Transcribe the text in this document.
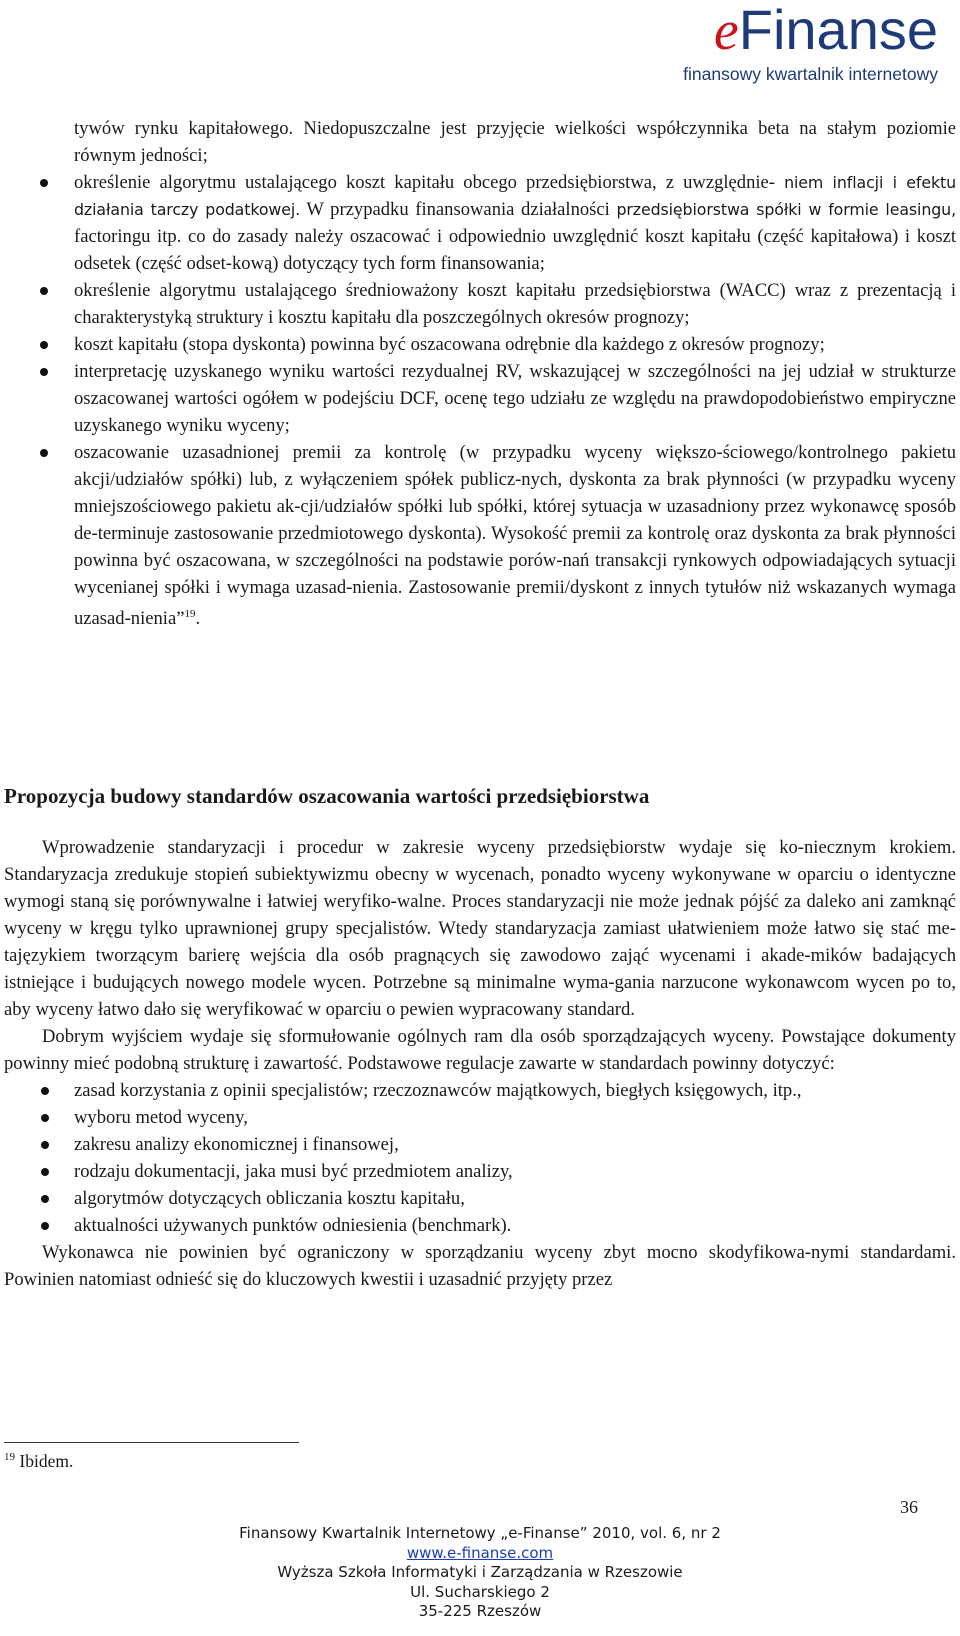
eFinanse
finansowy kwartalnik internetowy

tywów rynku kapitałowego. Niedopuszczalne jest przyjęcie wielkości współczynnika beta na stałym poziomie równym jedności;

określenie algorytmu ustalającego koszt kapitału obcego przedsiębiorstwa, z uwzględnie- niem inflacji i efektu działania tarczy podatkowej. W przypadku finansowania działalności przedsiębiorstwa spółki w formie leasingu, factoringu itp. co do zasady należy oszacować i odpowiednio uwzględnić koszt kapitału (część kapitałowa) i koszt odsetek (część odset-kową) dotyczący tych form finansowania;
określenie algorytmu ustalającego średnioważony koszt kapitału przedsiębiorstwa (WACC) wraz z prezentacją i charakterystyką struktury i kosztu kapitału dla poszczególnych okresów prognozy;
koszt kapitału (stopa dyskonta) powinna być oszacowana odrębnie dla każdego z okresów prognozy;
interpretację uzyskanego wyniku wartości rezydualnej RV, wskazującej w szczególności na jej udział w strukturze oszacowanej wartości ogółem w podejściu DCF, ocenę tego udziału ze względu na prawdopodobieństwo empiryczne uzyskanego wyniku wyceny;
oszacowanie uzasadnionej premii za kontrolę (w przypadku wyceny większo-ściowego/kontrolnego pakietu akcji/udziałów spółki) lub, z wyłączeniem spółek publicz-nych, dyskonta za brak płynności (w przypadku wyceny mniejszościowego pakietu ak-cji/udziałów spółki lub spółki, której sytuacja w uzasadniony przez wykonawcę sposób de-terminuje zastosowanie przedmiotowego dyskonta). Wysokość premii za kontrolę oraz dyskonta za brak płynności powinna być oszacowana, w szczególności na podstawie porów-nań transakcji rynkowych odpowiadających sytuacji wycenianej spółki i wymaga uzasad-nienia. Zastosowanie premii/dyskont z innych tytułów niż wskazanych wymaga uzasad-nienia”$^{19}$.
Propozycja budowy standardów oszacowania wartości przedsiębiorstwa

Wprowadzenie standaryzacji i procedur w zakresie wyceny przedsiębiorstw wydaje się ko-niecznym krokiem. Standaryzacja zredukuje stopień subiektywizmu obecny w wycenach, ponadto wyceny wykonywane w oparciu o identyczne wymogi staną się porównywalne i łatwiej weryfiko-walne. Proces standaryzacji nie może jednak pójść za daleko ani zamknąć wyceny w kręgu tylko uprawnionej grupy specjalistów. Wtedy standaryzacja zamiast ułatwieniem może łatwo się stać me-tajęzykiem tworzącym barierę wejścia dla osób pragnących się zawodowo zająć wycenami i akade-mików badających istniejące i budujących nowego modele wycen. Potrzebne są minimalne wyma-gania narzucone wykonawcom wycen po to, aby wyceny łatwo dało się weryfikować w oparciu o pewien wypracowany standard.

Dobrym wyjściem wydaje się sformułowanie ogólnych ram dla osób sporządzających wyceny. Powstające dokumenty powinny mieć podobną strukturę i zawartość. Podstawowe regulacje zawarte w standardach powinny dotyczyć:

zasad korzystania z opinii specjalistów; rzeczoznawców majątkowych, biegłych księgowych, itp.,
wyboru metod wyceny,
zakresu analizy ekonomicznej i finansowej,
rodzaju dokumentacji, jaka musi być przedmiotem analizy,
algorytmów dotyczących obliczania kosztu kapitału,
aktualności używanych punktów odniesienia (benchmark).

Wykonawca nie powinien być ograniczony w sporządzaniu wyceny zbyt mocno skodyfikowa-nymi standardami. Powinien natomiast odnieść się do kluczowych kwestii i uzasadnić przyjęty przez

$^{19}$ Ibidem.
36
Finansowy Kwartalnik Internetowy „e-Finanse” 2010, vol. 6, nr 2
www.e-finanse.com
Wyższa Szkoła Informatyki i Zarządzania w Rzeszowie
Ul. Sucharskiego 2
35-225 Rzeszów
